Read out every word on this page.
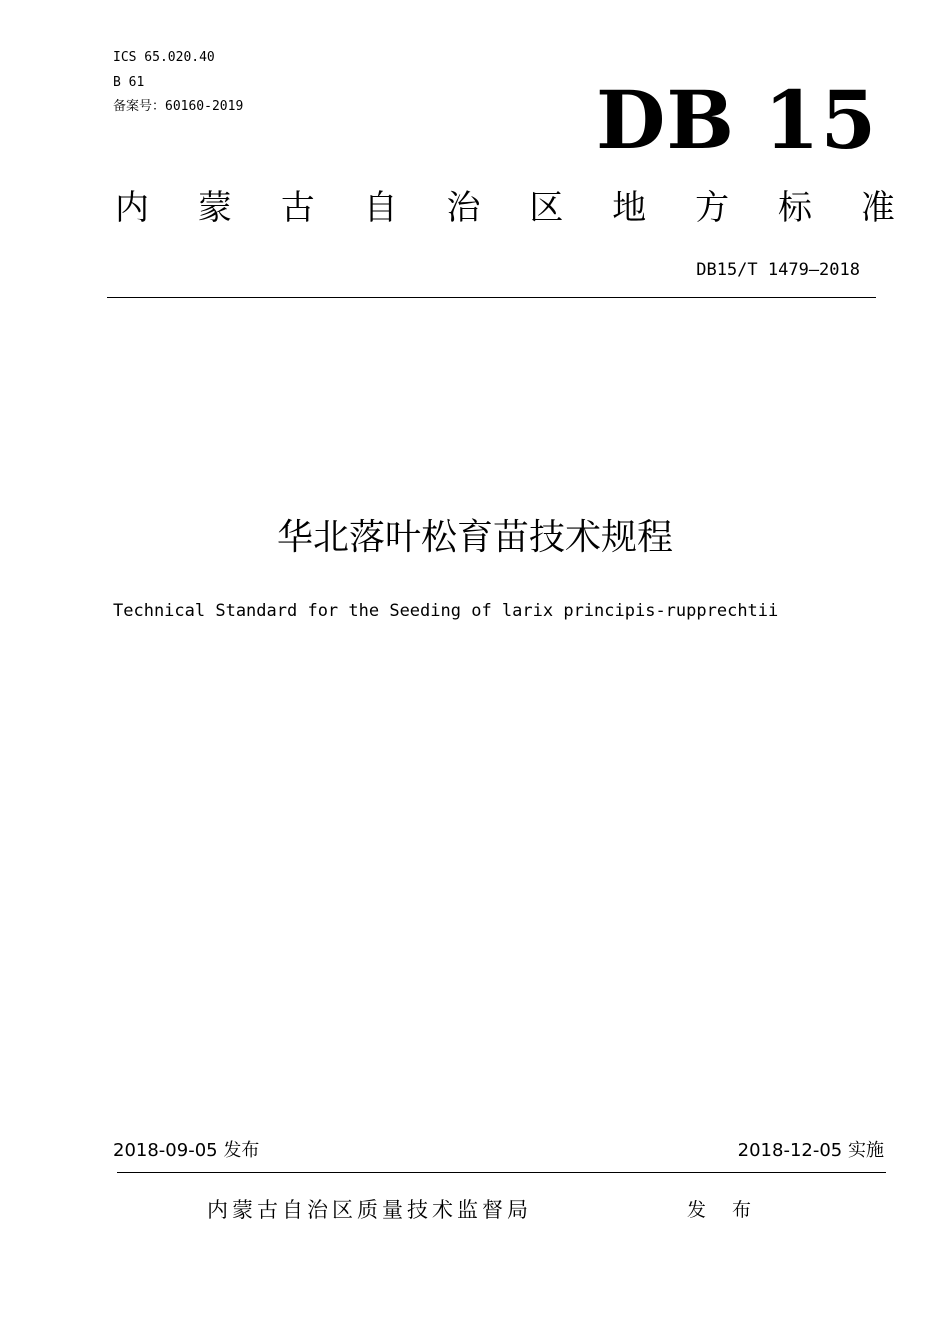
ICS 65.020.40
B 61
备案号：60160-2019	DB 15
内 蒙 古 自 治 区 地 方 标 准
DB15/T 1479—2018
华北落叶松育苗技术规程
Technical Standard for the Seeding of larix principis-rupprechtii
2018-09-05 发布	2018-12-05 实施
内蒙古自治区质量技术监督局	发 布
